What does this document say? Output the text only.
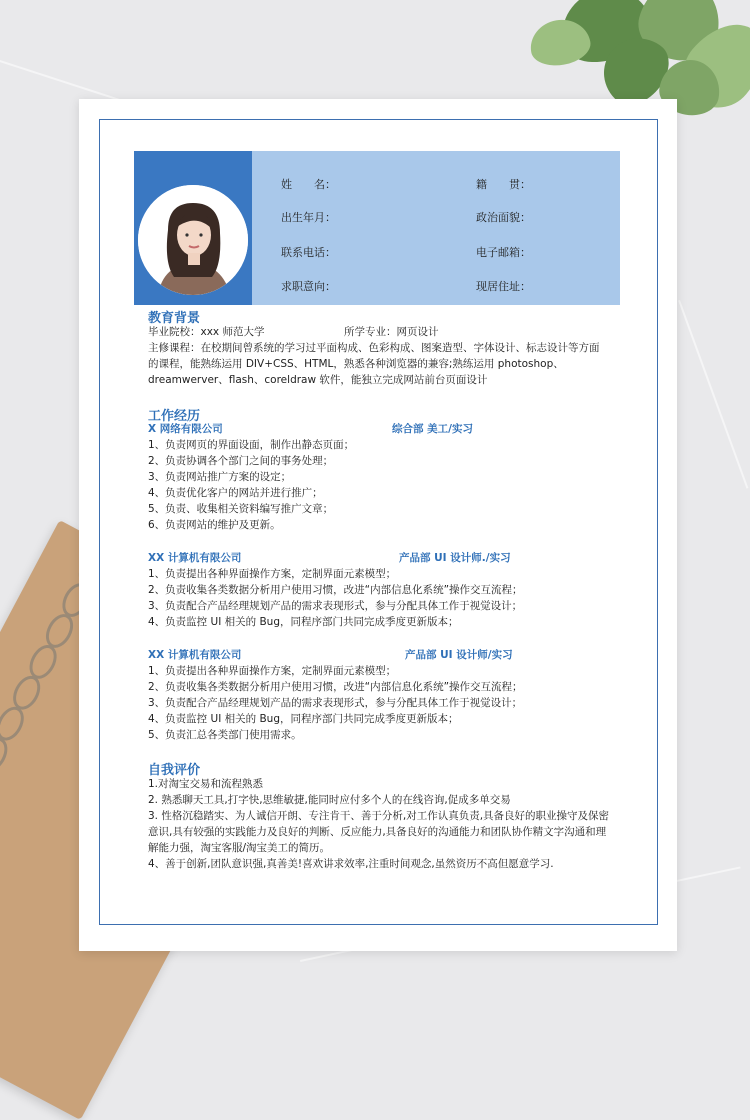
姓　　名：	籍　　贯：
出生年月：	政治面貌：
联系电话：	电子邮箱：
求职意向：	现居住址：
教育背景
毕业院校：xxx 师范大学	所学专业：网页设计
主修课程：在校期间曾系统的学习过平面构成、色彩构成、图案造型、字体设计、标志设计等方面
的课程，能熟练运用 DIV+CSS、HTML，熟悉各种浏览器的兼容;熟练运用 photoshop、
dreamwerver、flash、coreldraw 软件，能独立完成网站前台页面设计
工作经历
X 网络有限公司	综合部 美工/实习
1、负责网页的界面设面，制作出静态页面；
2、负责协调各个部门之间的事务处理；
3、负责网站推广方案的设定；
4、负责优化客户的网站并进行推广；
5、负责、收集相关资料编写推广文章；
6、负责网站的维护及更新。
XX 计算机有限公司	产品部 UI 设计师./实习
1、负责提出各种界面操作方案，定制界面元素模型；
2、负责收集各类数据分析用户使用习惯，改进“内部信息化系统”操作交互流程；
3、负责配合产品经理规划产品的需求表现形式，参与分配具体工作于视觉设计；
4、负责监控 UI 相关的 Bug，同程序部门共同完成季度更新版本；
XX 计算机有限公司	产品部 UI 设计师/实习
1、负责提出各种界面操作方案，定制界面元素模型；
2、负责收集各类数据分析用户使用习惯，改进“内部信息化系统”操作交互流程；
3、负责配合产品经理规划产品的需求表现形式，参与分配具体工作于视觉设计；
4、负责监控 UI 相关的 Bug，同程序部门共同完成季度更新版本；
5、负责汇总各类部门使用需求。
自我评价
1.对淘宝交易和流程熟悉
2. 熟悉聊天工具,打字快,思维敏捷,能同时应付多个人的在线咨询,促成多单交易
3. 性格沉稳踏实、为人诚信开朗、专注肯干、善于分析,对工作认真负责,具备良好的职业操守及保密
意识,具有较强的实践能力及良好的判断、反应能力,具备良好的沟通能力和团队协作精文字沟通和理
解能力强，淘宝客服/淘宝美工的简历。
4、善于创新,团队意识强,真善美!喜欢讲求效率,注重时间观念,虽然资历不高但愿意学习.
